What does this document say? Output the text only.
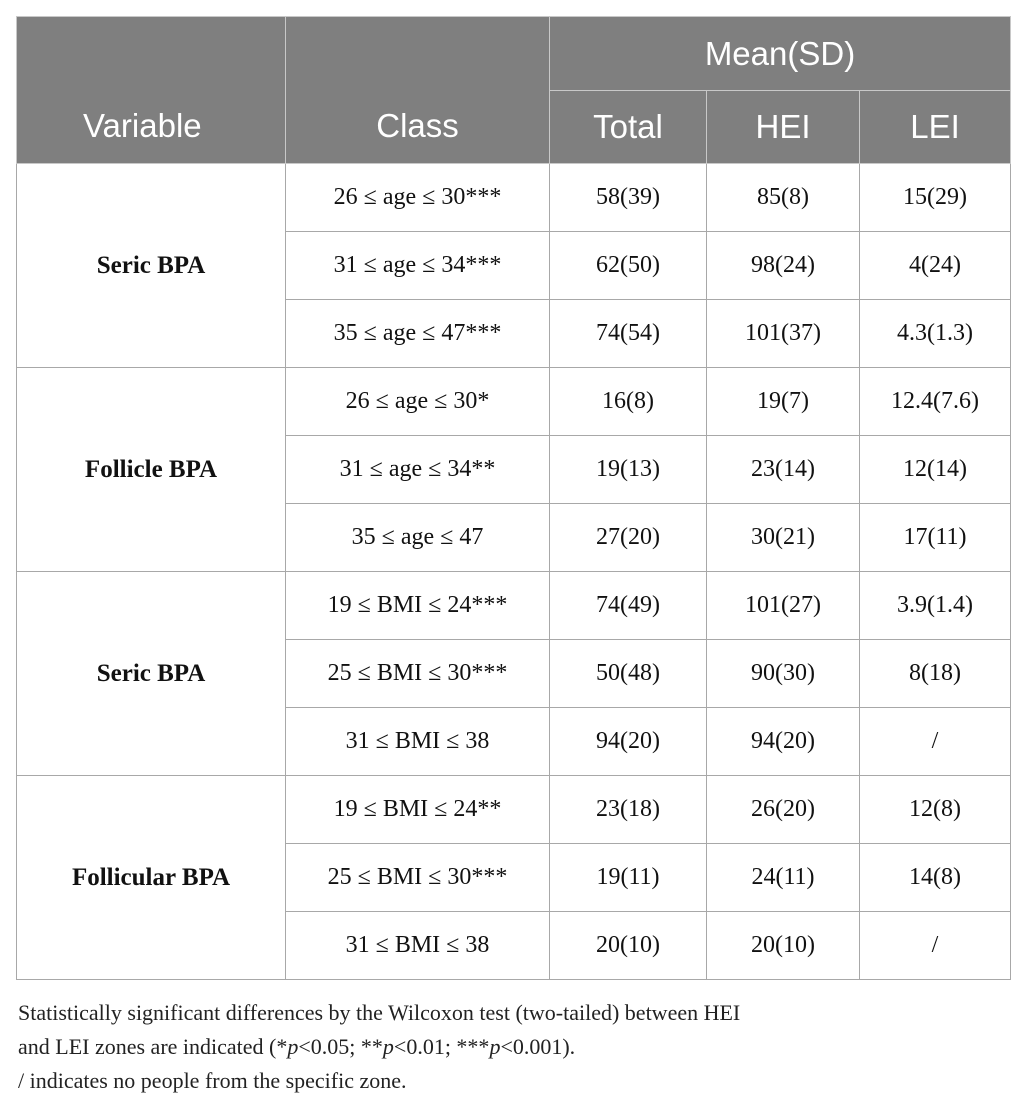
Variable	Class	Mean(SD)		
		Total	HEI	LEI
Seric BPA	26 ≤ age ≤ 30***	58(39)	85(8)	15(29)
	31 ≤ age ≤ 34***	62(50)	98(24)	4(24)
	35 ≤ age ≤ 47***	74(54)	101(37)	4.3(1.3)
Follicle BPA	26 ≤ age ≤ 30*	16(8)	19(7)	12.4(7.6)
	31 ≤ age ≤ 34**	19(13)	23(14)	12(14)
	35 ≤ age ≤ 47	27(20)	30(21)	17(11)
Seric BPA	19 ≤ BMI ≤ 24***	74(49)	101(27)	3.9(1.4)
	25 ≤ BMI ≤ 30***	50(48)	90(30)	8(18)
	31 ≤ BMI ≤ 38	94(20)	94(20)	/
Follicular BPA	19 ≤ BMI ≤ 24**	23(18)	26(20)	12(8)
	25 ≤ BMI ≤ 30***	19(11)	24(11)	14(8)
	31 ≤ BMI ≤ 38	20(10)	20(10)	/

Statistically significant differences by the Wilcoxon test (two-tailed) between HEI

and LEI zones are indicated (*p<0.05; **p<0.01; ***p<0.001).

/ indicates no people from the specific zone.
